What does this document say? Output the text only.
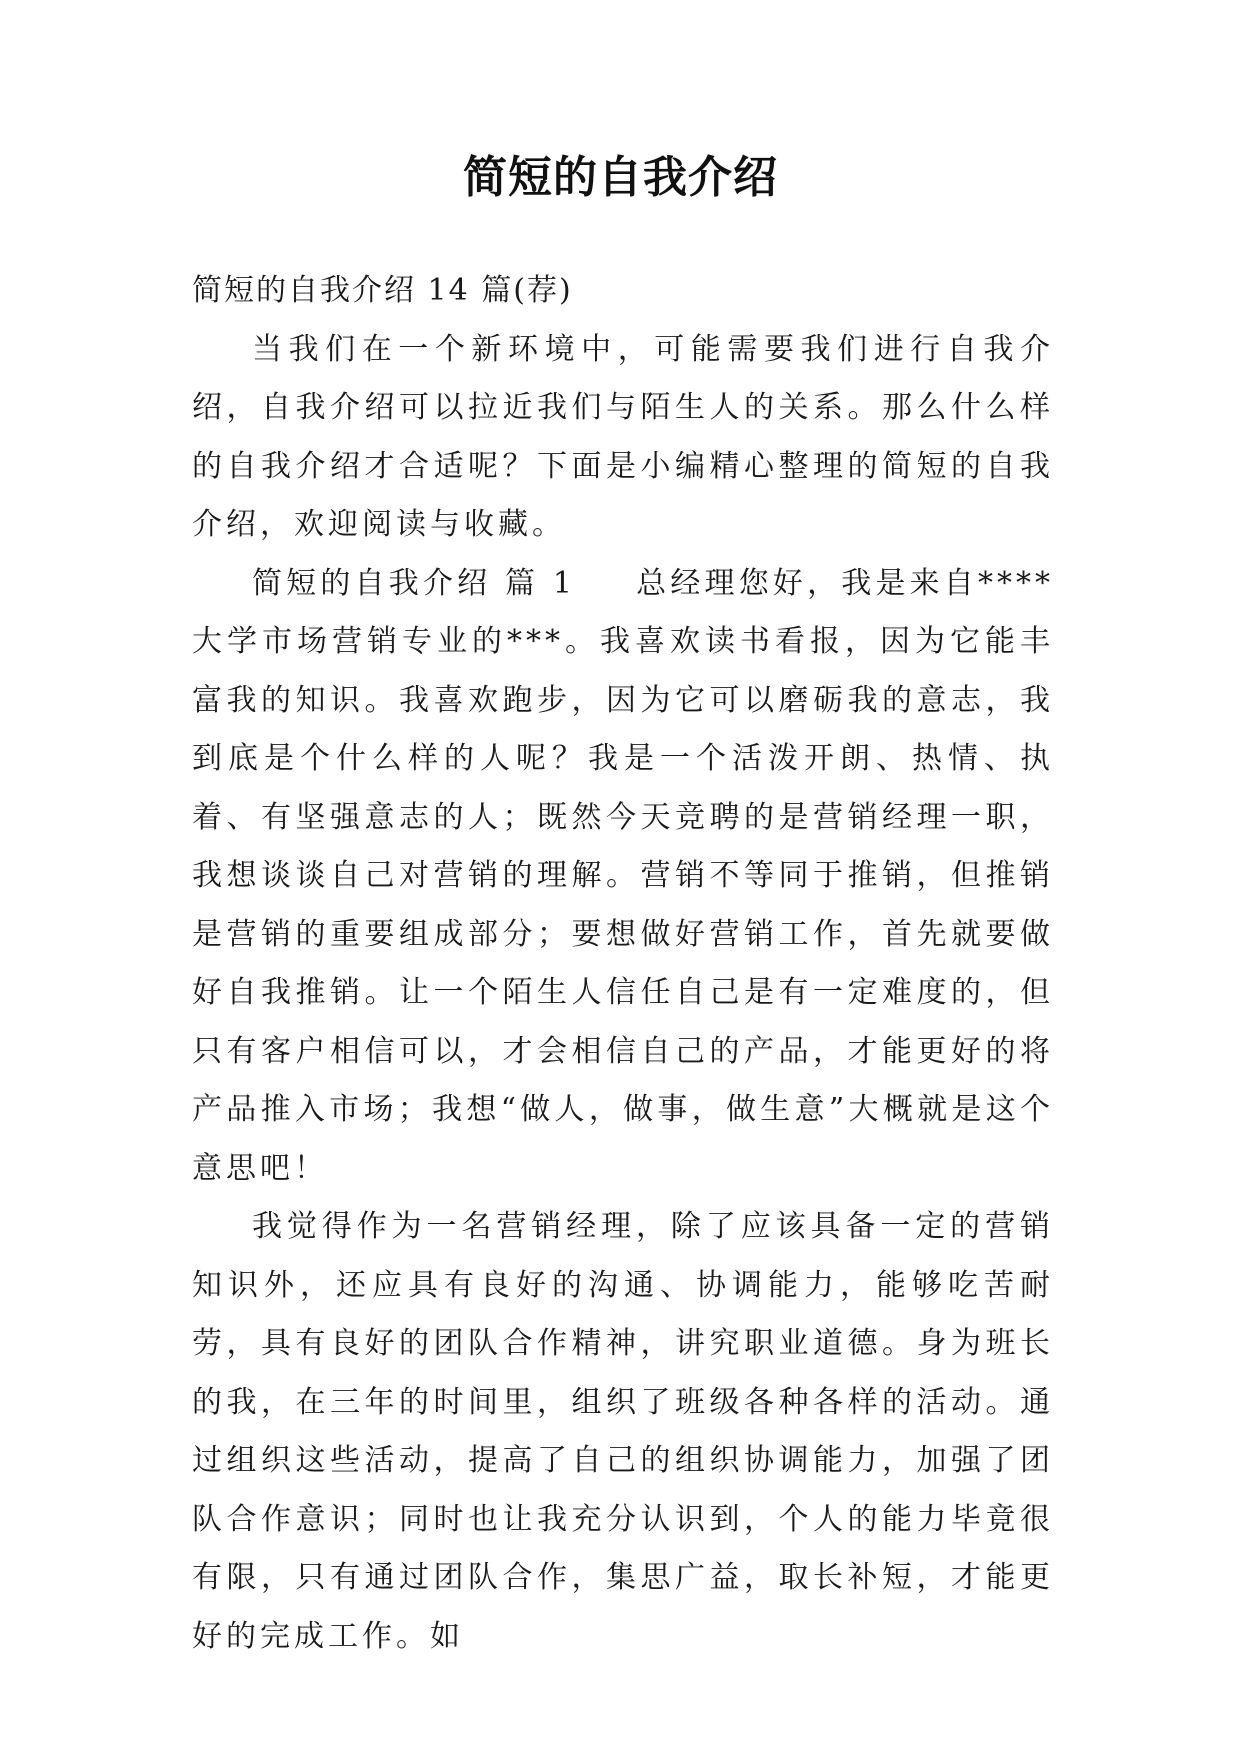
简短的自我介绍

简短的自我介绍 14 篇(荐)

当我们在一个新环境中，可能需要我们进行自我介绍，自我介绍可以拉近我们与陌生人的关系。那么什么样的自我介绍才合适呢？下面是小编精心整理的简短的自我介绍，欢迎阅读与收藏。

简短的自我介绍 篇 1 总经理您好，我是来自****大学市场营销专业的***。我喜欢读书看报，因为它能丰富我的知识。我喜欢跑步，因为它可以磨砺我的意志，我到底是个什么样的人呢？我是一个活泼开朗、热情、执着、有坚强意志的人；既然今天竞聘的是营销经理一职，我想谈谈自己对营销的理解。营销不等同于推销，但推销是营销的重要组成部分；要想做好营销工作，首先就要做好自我推销。让一个陌生人信任自己是有一定难度的，但只有客户相信可以，才会相信自己的产品，才能更好的将产品推入市场；我想“做人，做事，做生意”大概就是这个意思吧！

我觉得作为一名营销经理，除了应该具备一定的营销知识外，还应具有良好的沟通、协调能力，能够吃苦耐劳，具有良好的团队合作精神，讲究职业道德。身为班长的我，在三年的时间里，组织了班级各种各样的活动。通过组织这些活动，提高了自己的组织协调能力，加强了团队合作意识；同时也让我充分认识到，个人的能力毕竟很有限，只有通过团队合作，集思广益，取长补短，才能更好的完成工作。如
